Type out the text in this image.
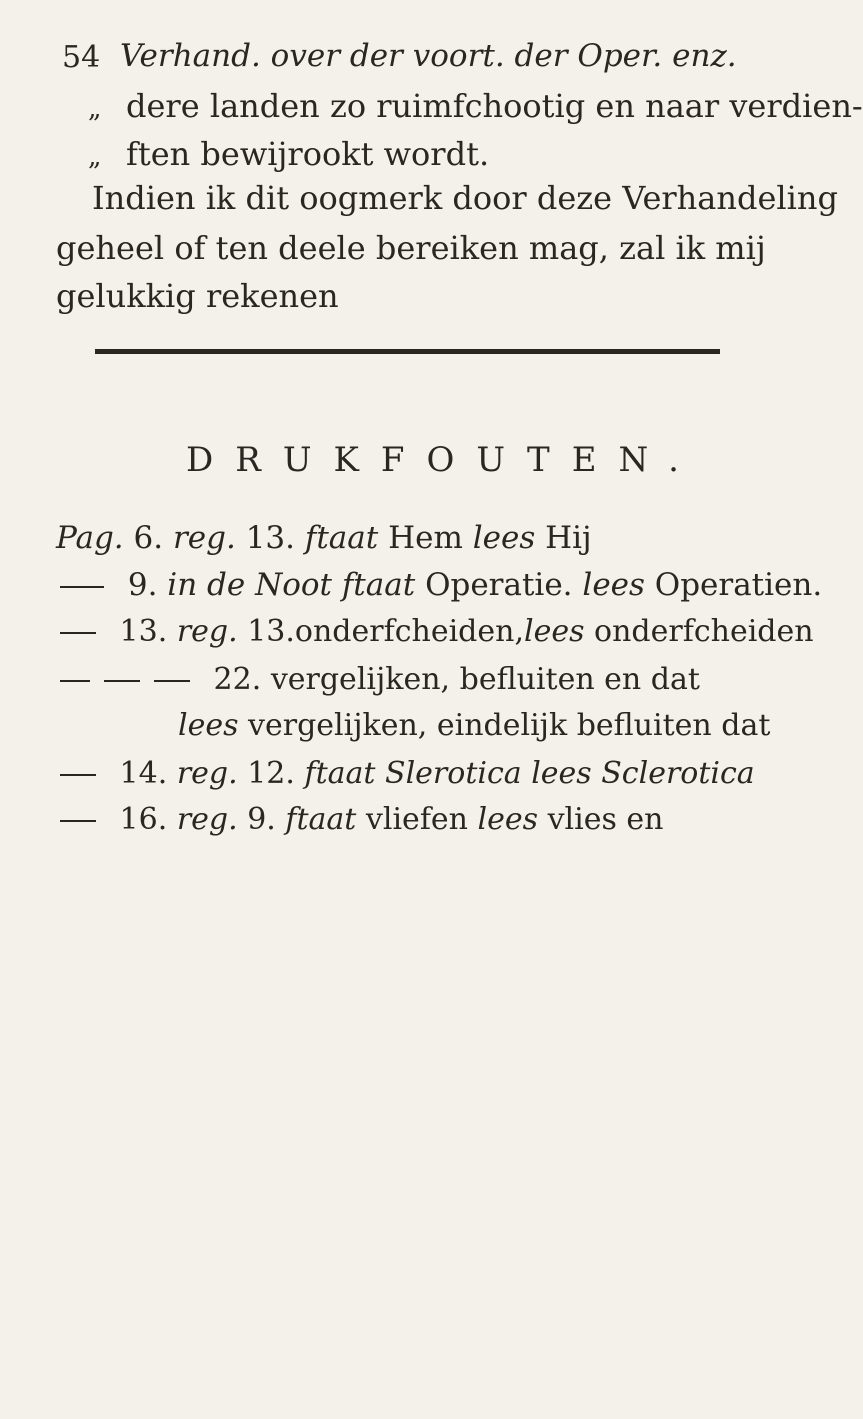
54 Verhand. over der voort. der Oper. enz.
„ dere landen zo ruimfchootig en naar verdien-
„ ften bewijrookt wordt.
Indien ik dit oogmerk door deze Verhandeling
geheel of ten deele bereiken mag, zal ik mij
gelukkig rekenen
DRUKFOUTEN.
Pag. 6. reg. 13. ftaat Hem lees Hij
9. in de Noot ftaat Operatie. lees Operatien.
13. reg. 13.onderfcheiden,lees onderfcheiden
22. vergelijken, befluiten en dat
lees vergelijken, eindelijk befluiten dat
14. reg. 12. ftaat Slerotica lees Sclerotica
16. reg. 9. ftaat vliefen lees vlies en
